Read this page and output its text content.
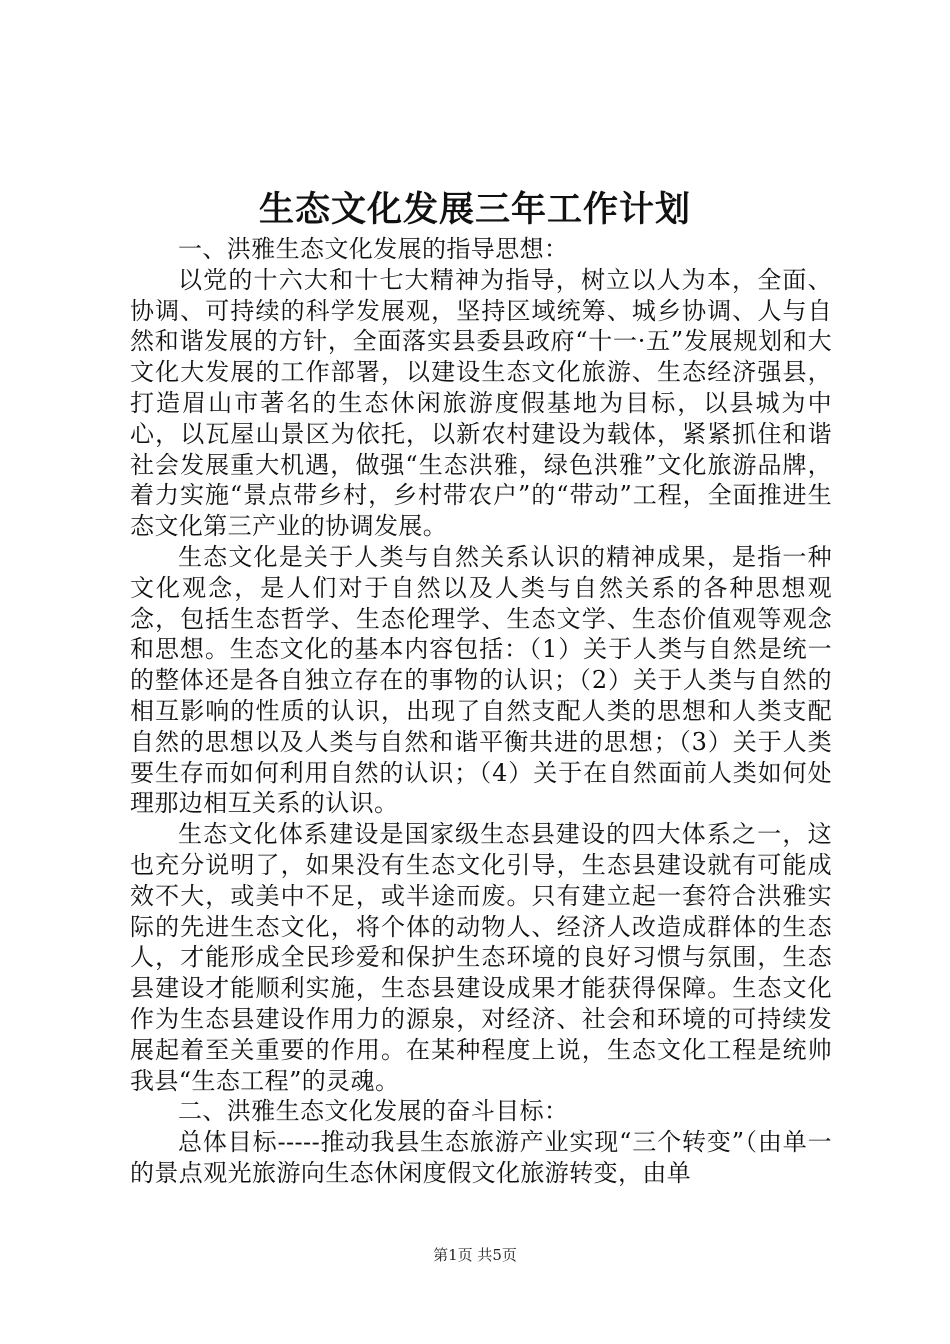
生态文化发展三年工作计划

一、洪雅生态文化发展的指导思想：

以党的十六大和十七大精神为指导，树立以人为本，全面、协调、可持续的科学发展观，坚持区域统筹、城乡协调、人与自然和谐发展的方针，全面落实县委县政府“十一·五”发展规划和大文化大发展的工作部署，以建设生态文化旅游、生态经济强县，打造眉山市著名的生态休闲旅游度假基地为目标，以县城为中心，以瓦屋山景区为依托，以新农村建设为载体，紧紧抓住和谐社会发展重大机遇，做强“生态洪雅，绿色洪雅”文化旅游品牌，着力实施“景点带乡村，乡村带农户”的“带动”工程，全面推进生态文化第三产业的协调发展。

生态文化是关于人类与自然关系认识的精神成果，是指一种文化观念，是人们对于自然以及人类与自然关系的各种思想观念，包括生态哲学、生态伦理学、生态文学、生态价值观等观念和思想。生态文化的基本内容包括：（1）关于人类与自然是统一的整体还是各自独立存在的事物的认识；（2）关于人类与自然的相互影响的性质的认识，出现了自然支配人类的思想和人类支配自然的思想以及人类与自然和谐平衡共进的思想；（3）关于人类要生存而如何利用自然的认识；（4）关于在自然面前人类如何处理那边相互关系的认识。

生态文化体系建设是国家级生态县建设的四大体系之一，这也充分说明了，如果没有生态文化引导，生态县建设就有可能成效不大，或美中不足，或半途而废。只有建立起一套符合洪雅实际的先进生态文化，将个体的动物人、经济人改造成群体的生态人，才能形成全民珍爱和保护生态环境的良好习惯与氛围，生态县建设才能顺利实施，生态县建设成果才能获得保障。生态文化作为生态县建设作用力的源泉，对经济、社会和环境的可持续发展起着至关重要的作用。在某种程度上说，生态文化工程是统帅我县“生态工程”的灵魂。

二、洪雅生态文化发展的奋斗目标：

总体目标-----推动我县生态旅游产业实现“三个转变”（由单一的景点观光旅游向生态休闲度假文化旅游转变，由单

第1页 共5页
